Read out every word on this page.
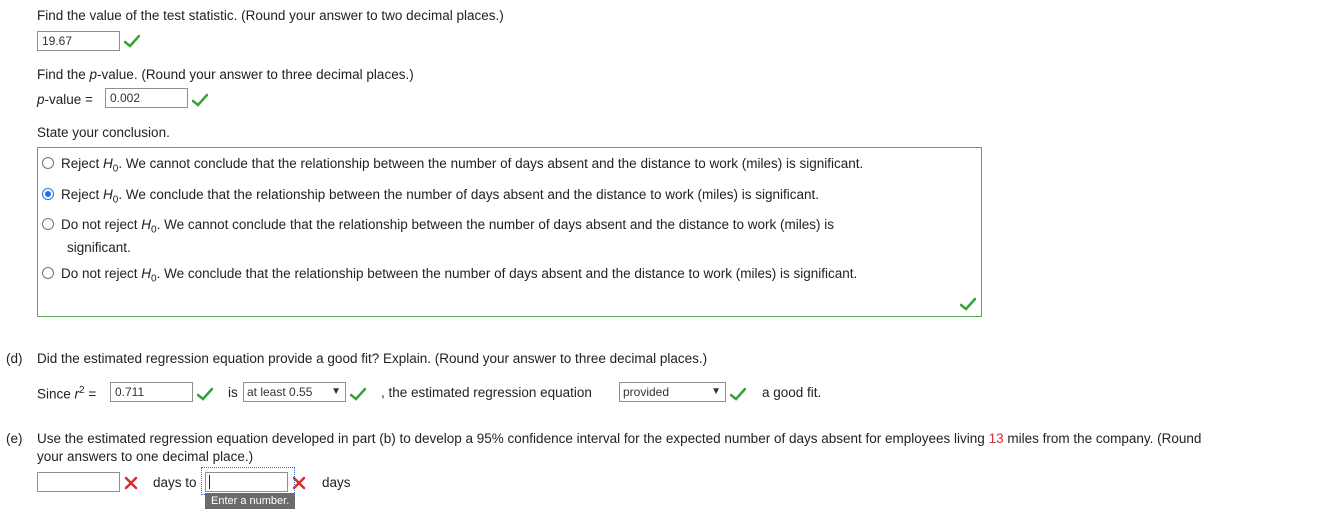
Find the value of the test statistic. (Round your answer to two decimal places.)
19.67
Find the p-value. (Round your answer to three decimal places.)
p-value =	0.002
State your conclusion.
Reject $H_0$. We cannot conclude that the relationship between the number of days absent and the distance to work (miles) is significant.
Reject $H_0$. We conclude that the relationship between the number of days absent and the distance to work (miles) is significant.
Do not reject $H_0$. We cannot conclude that the relationship between the number of days absent and the distance to work (miles) is
significant.
Do not reject $H_0$. We conclude that the relationship between the number of days absent and the distance to work (miles) is significant.
(d) Did the estimated regression equation provide a good fit? Explain. (Round your answer to three decimal places.)
Since $r^2$ =	0.711	is at least 0.55 ▼	, the estimated regression equation	provided	▼	a good fit.
(e) Use the estimated regression equation developed in part (b) to develop a 95% confidence interval for the expected number of days absent for employees living 13 miles from the company. (Round
your answers to one decimal place.)
days to	days
Enter a number.
